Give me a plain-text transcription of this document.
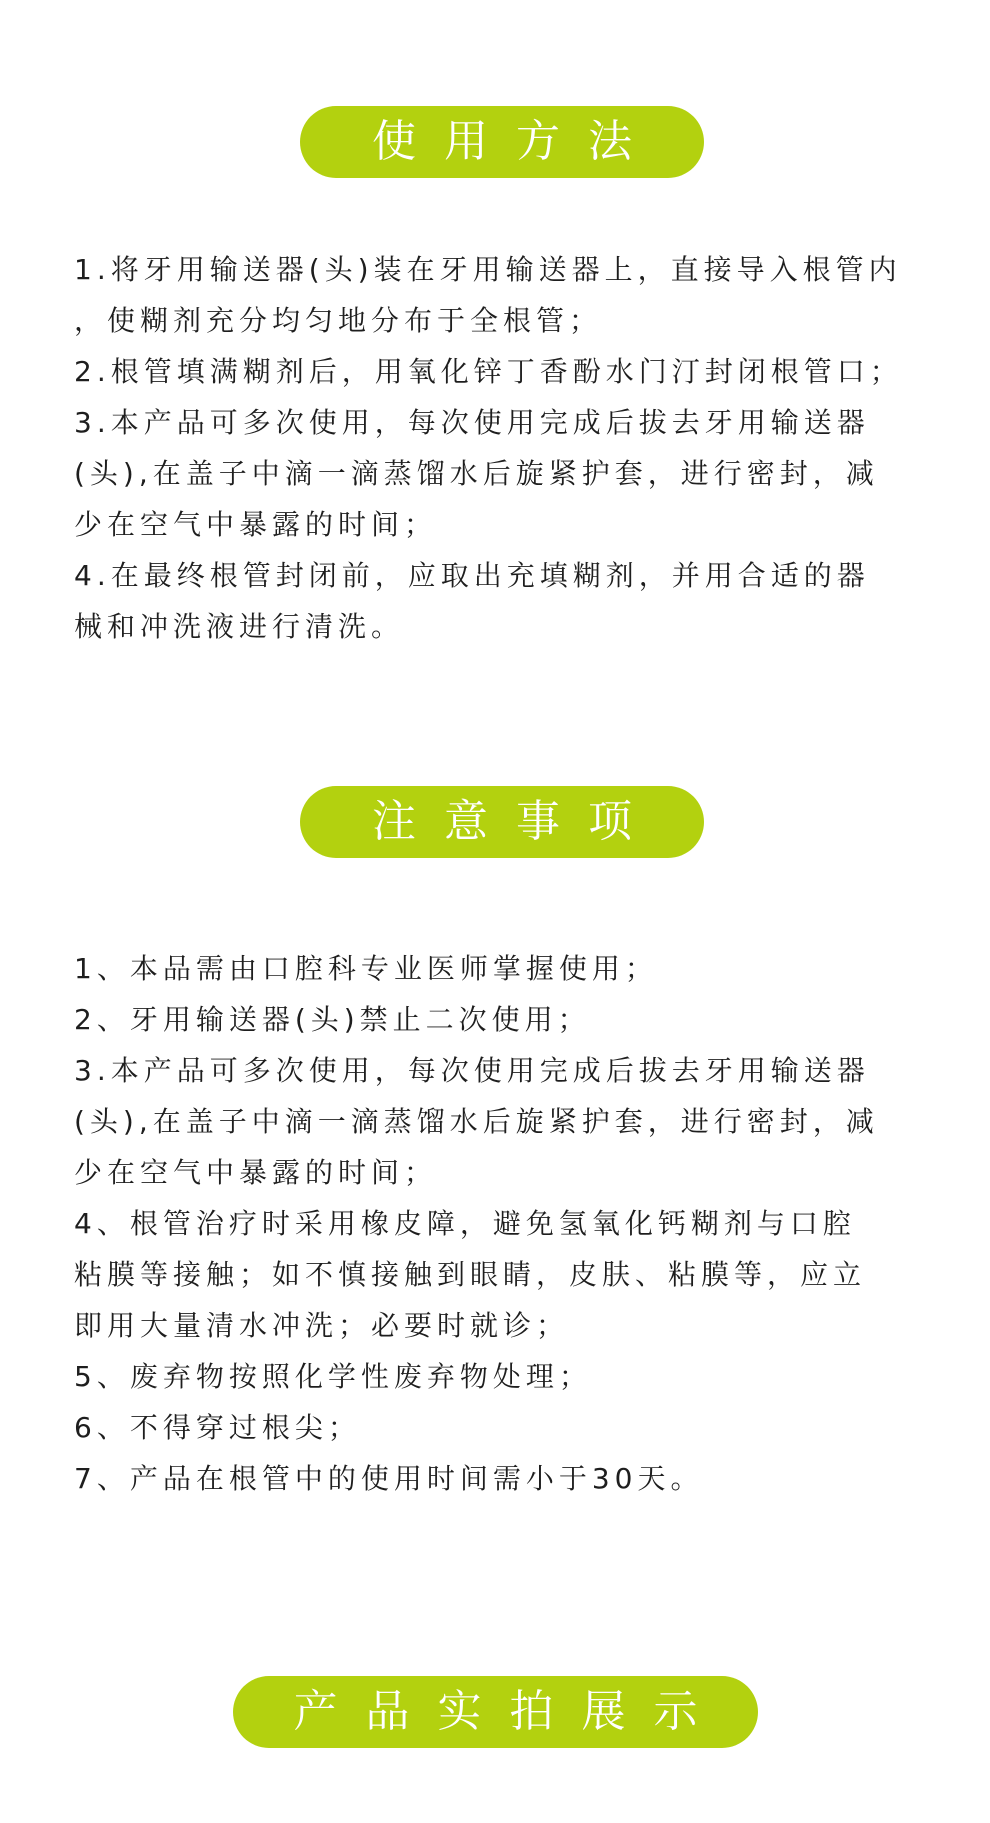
使用方法
1.将牙用输送器(头)装在牙用输送器上，直接导入根管内
，使糊剂充分均匀地分布于全根管；
2.根管填满糊剂后，用氧化锌丁香酚水门汀封闭根管口；
3.本产品可多次使用，每次使用完成后拔去牙用输送器
(头),在盖子中滴一滴蒸馏水后旋紧护套，进行密封，减
少在空气中暴露的时间；
4.在最终根管封闭前，应取出充填糊剂，并用合适的器
械和冲洗液进行清洗。
注意事项
1、本品需由口腔科专业医师掌握使用；
2、牙用输送器(头)禁止二次使用；
3.本产品可多次使用，每次使用完成后拔去牙用输送器
(头),在盖子中滴一滴蒸馏水后旋紧护套，进行密封，减
少在空气中暴露的时间；
4、根管治疗时采用橡皮障，避免氢氧化钙糊剂与口腔
粘膜等接触；如不慎接触到眼睛，皮肤、粘膜等，应立
即用大量清水冲洗；必要时就诊；
5、废弃物按照化学性废弃物处理；
6、不得穿过根尖；
7、产品在根管中的使用时间需小于30天。
产品实拍展示
